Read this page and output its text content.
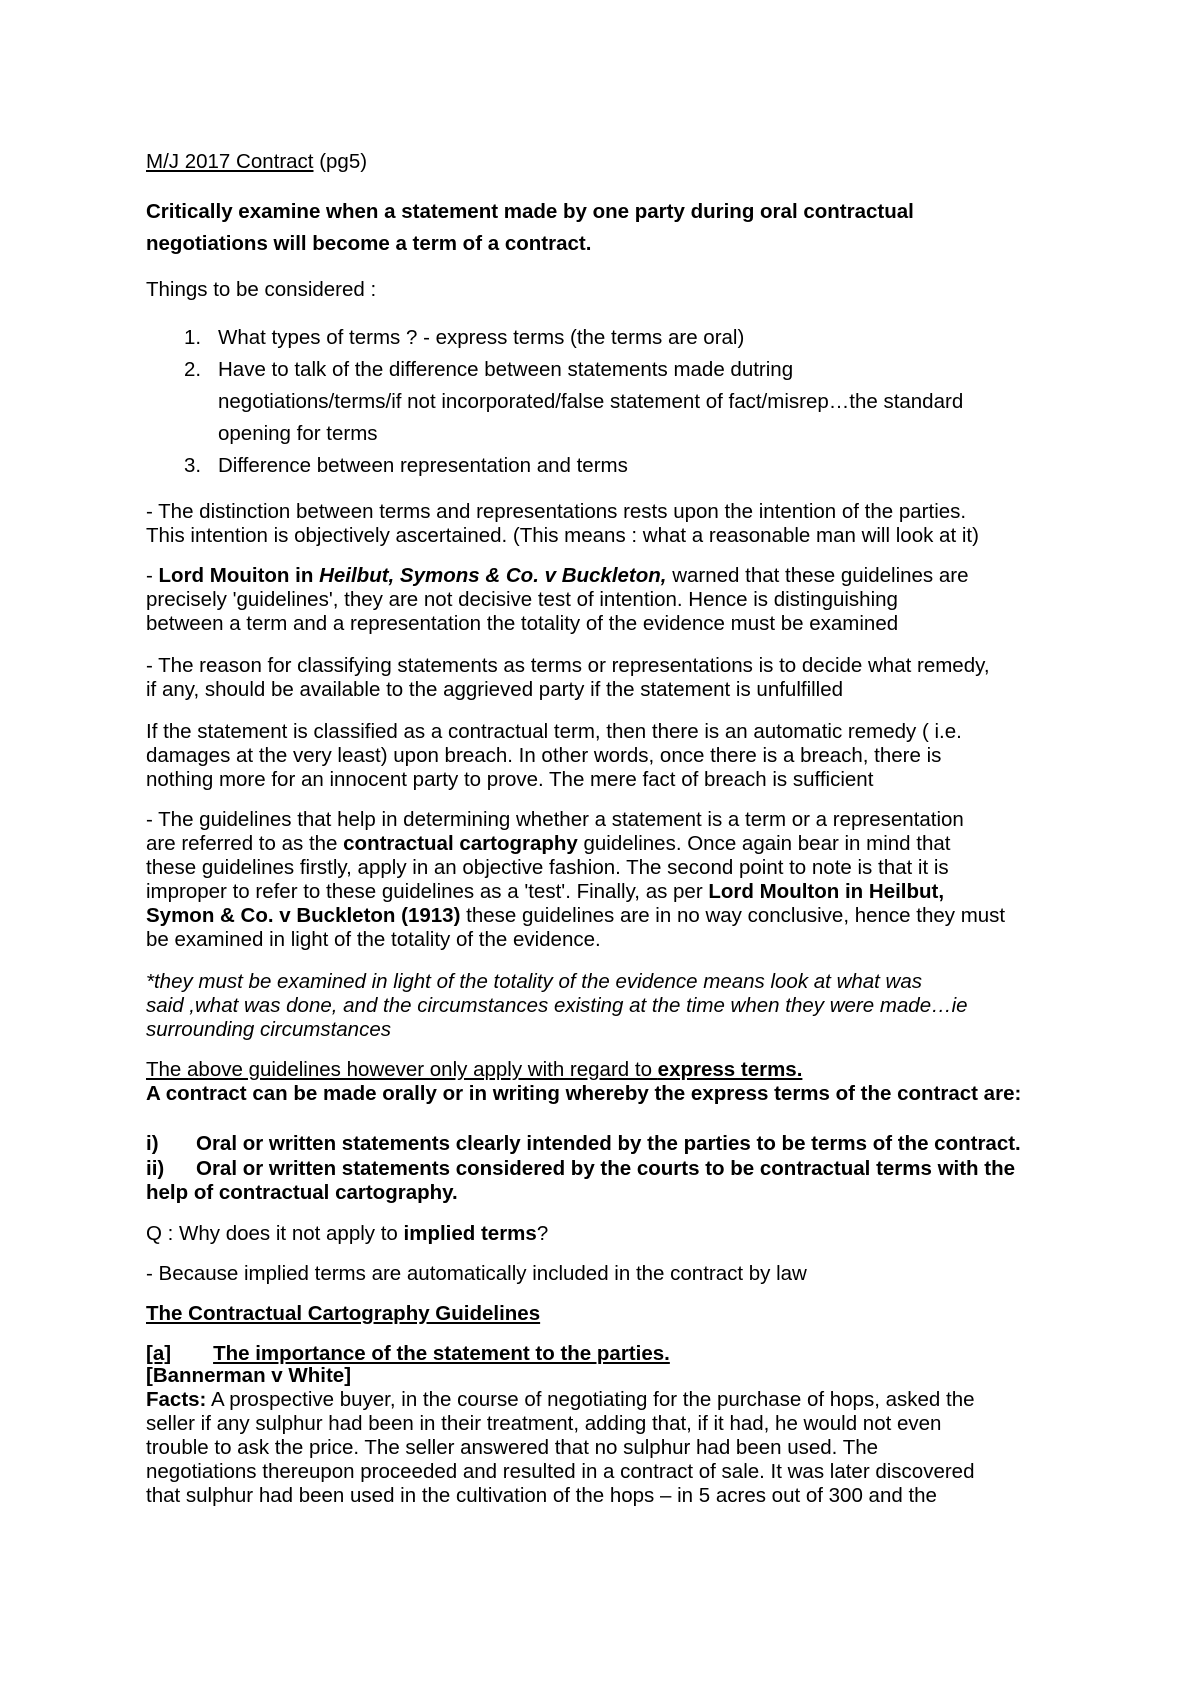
M/J 2017 Contract (pg5)
Critically examine when a statement made by one party during oral contractual
negotiations will become a term of a contract.
Things to be considered :
1. What types of terms ? - express terms (the terms are oral)
2. Have to talk of the difference between statements made dutring
negotiations/terms/if not incorporated/false statement of fact/misrep…the standard
opening for terms
3. Difference between representation and terms
- The distinction between terms and representations rests upon the intention of the parties.
This intention is objectively ascertained. (This means : what a reasonable man will look at it)
- Lord Mouiton in Heilbut, Symons & Co. v Buckleton, warned that these guidelines are
precisely 'guidelines', they are not decisive test of intention. Hence is distinguishing
between a term and a representation the totality of the evidence must be examined
- The reason for classifying statements as terms or representations is to decide what remedy,
if any, should be available to the aggrieved party if the statement is unfulfilled
If the statement is classified as a contractual term, then there is an automatic remedy ( i.e.
damages at the very least) upon breach. In other words, once there is a breach, there is
nothing more for an innocent party to prove. The mere fact of breach is sufficient
- The guidelines that help in determining whether a statement is a term or a representation
are referred to as the contractual cartography guidelines. Once again bear in mind that
these guidelines firstly, apply in an objective fashion. The second point to note is that it is
improper to refer to these guidelines as a 'test'. Finally, as per Lord Moulton in Heilbut,
Symon & Co. v Buckleton (1913) these guidelines are in no way conclusive, hence they must
be examined in light of the totality of the evidence.
*they must be examined in light of the totality of the evidence means look at what was
said ,what was done, and the circumstances existing at the time when they were made…ie
surrounding circumstances
The above guidelines however only apply with regard to express terms.
A contract can be made orally or in writing whereby the express terms of the contract are:
i)	Oral or written statements clearly intended by the parties to be terms of the contract.
ii)	Oral or written statements considered by the courts to be contractual terms with the
help of contractual cartography.
Q : Why does it not apply to implied terms?
- Because implied terms are automatically included in the contract by law
The Contractual Cartography Guidelines
[a] The importance of the statement to the parties.
[Bannerman v White]
Facts: A prospective buyer, in the course of negotiating for the purchase of hops, asked the
seller if any sulphur had been in their treatment, adding that, if it had, he would not even
trouble to ask the price. The seller answered that no sulphur had been used. The
negotiations thereupon proceeded and resulted in a contract of sale. It was later discovered
that sulphur had been used in the cultivation of the hops – in 5 acres out of 300 and the
